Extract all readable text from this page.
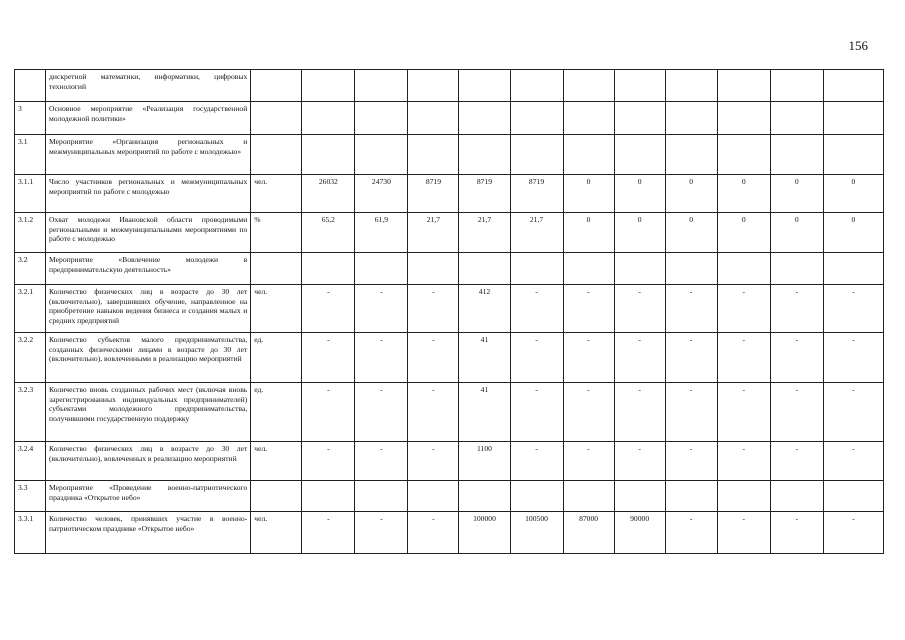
156
	дискретной математики, информатики, цифровых технологий												
3	Основное мероприятие «Реализация государственной молодежной политики»												
3.1	Мероприятие «Организация региональных и межмуниципальных мероприятий по работе с молодежью»												
3.1.1	Число участников региональных и межмуниципальных мероприятий по работе с молодежью	чел.	26032	24730	8719	8719	8719	0	0	0	0	0	0
3.1.2	Охват молодежи Ивановской области проводимыми региональными и межмуниципальными мероприятиями по работе с молодежью	%	65,2	61,9	21,7	21,7	21,7	0	0	0	0	0	0
3.2	Мероприятие «Вовлечение молодежи в предпринимательскую деятельность»												
3.2.1	Количество физических лиц в возрасте до 30 лет (включительно), завершивших обучение, направленное на приобретение навыков ведения бизнеса и создания малых и средних предприятий	чел.	-	-	-	412	-	-	-	-	-	-	-
3.2.2	Количество субъектов малого предпринимательства, созданных физическими лицами в возрасте до 30 лет (включительно), вовлеченными в реализацию мероприятий	ед.	-	-	-	41	-	-	-	-	-	-	-
3.2.3	Количество вновь созданных рабочих мест (включая вновь зарегистрированных индивидуальных предпринимателей) субъектами молодежного предпринимательства, получившими государственную поддержку	ед.	-	-	-	41	-	-	-	-	-	-	-
3.2.4	Количество физических лиц в возрасте до 30 лет (включительно), вовлеченных в реализацию мероприятий	чел.	-	-	-	1100	-	-	-	-	-	-	-
3.3	Мероприятие «Проведение военно-патриотического праздника «Открытое небо»												
3.3.1	Количество человек, принявших участие в военно-патриотическом празднике «Открытое небо»	чел.	-	-	-	100000	100500	87000	90000	-	-	-	-
